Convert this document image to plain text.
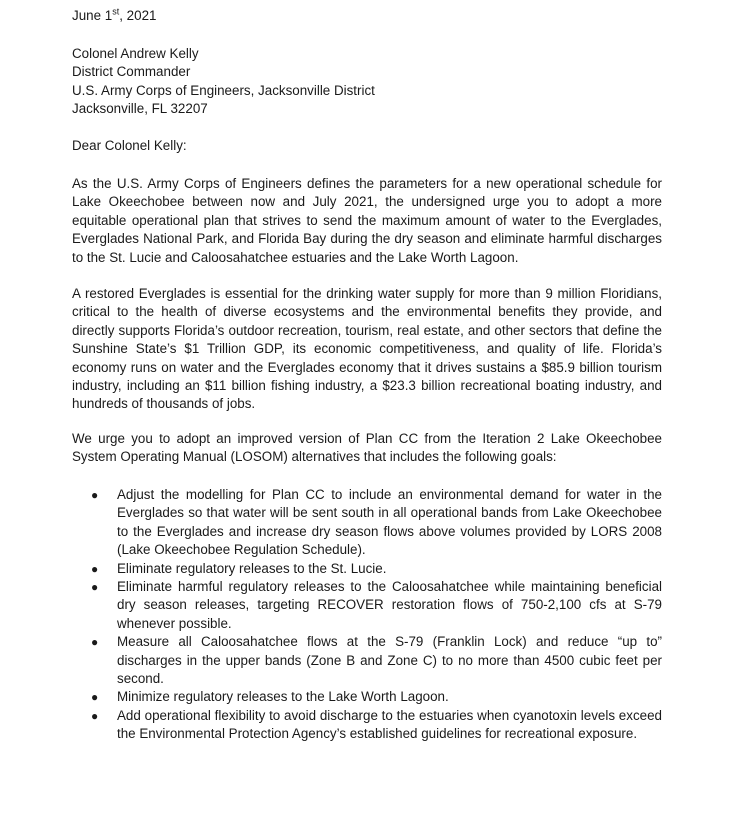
June 1st, 2021
Colonel Andrew Kelly
District Commander
U.S. Army Corps of Engineers, Jacksonville District
Jacksonville, FL 32207
Dear Colonel Kelly:

As the U.S. Army Corps of Engineers defines the parameters for a new operational schedule for Lake Okeechobee between now and July 2021, the undersigned urge you to adopt a more equitable operational plan that strives to send the maximum amount of water to the Everglades, Everglades National Park, and Florida Bay during the dry season and eliminate harmful discharges to the St. Lucie and Caloosahatchee estuaries and the Lake Worth Lagoon.

A restored Everglades is essential for the drinking water supply for more than 9 million Floridians, critical to the health of diverse ecosystems and the environmental benefits they provide, and directly supports Florida’s outdoor recreation, tourism, real estate, and other sectors that define the Sunshine State’s $1 Trillion GDP, its economic competitiveness, and quality of life. Florida’s economy runs on water and the Everglades economy that it drives sustains a $85.9 billion tourism industry, including an $11 billion fishing industry, a $23.3 billion recreational boating industry, and hundreds of thousands of jobs.

We urge you to adopt an improved version of Plan CC from the Iteration 2 Lake Okeechobee System Operating Manual (LOSOM) alternatives that includes the following goals:

● Adjust the modelling for Plan CC to include an environmental demand for water in the Everglades so that water will be sent south in all operational bands from Lake Okeechobee to the Everglades and increase dry season flows above volumes provided by LORS 2008 (Lake Okeechobee Regulation Schedule).
● Eliminate regulatory releases to the St. Lucie.
● Eliminate harmful regulatory releases to the Caloosahatchee while maintaining beneficial dry season releases, targeting RECOVER restoration flows of 750-2,100 cfs at S-79 whenever possible.
● Measure all Caloosahatchee flows at the S-79 (Franklin Lock) and reduce “up to” discharges in the upper bands (Zone B and Zone C) to no more than 4500 cubic feet per second.
● Minimize regulatory releases to the Lake Worth Lagoon.
● Add operational flexibility to avoid discharge to the estuaries when cyanotoxin levels exceed the Environmental Protection Agency’s established guidelines for recreational exposure.
